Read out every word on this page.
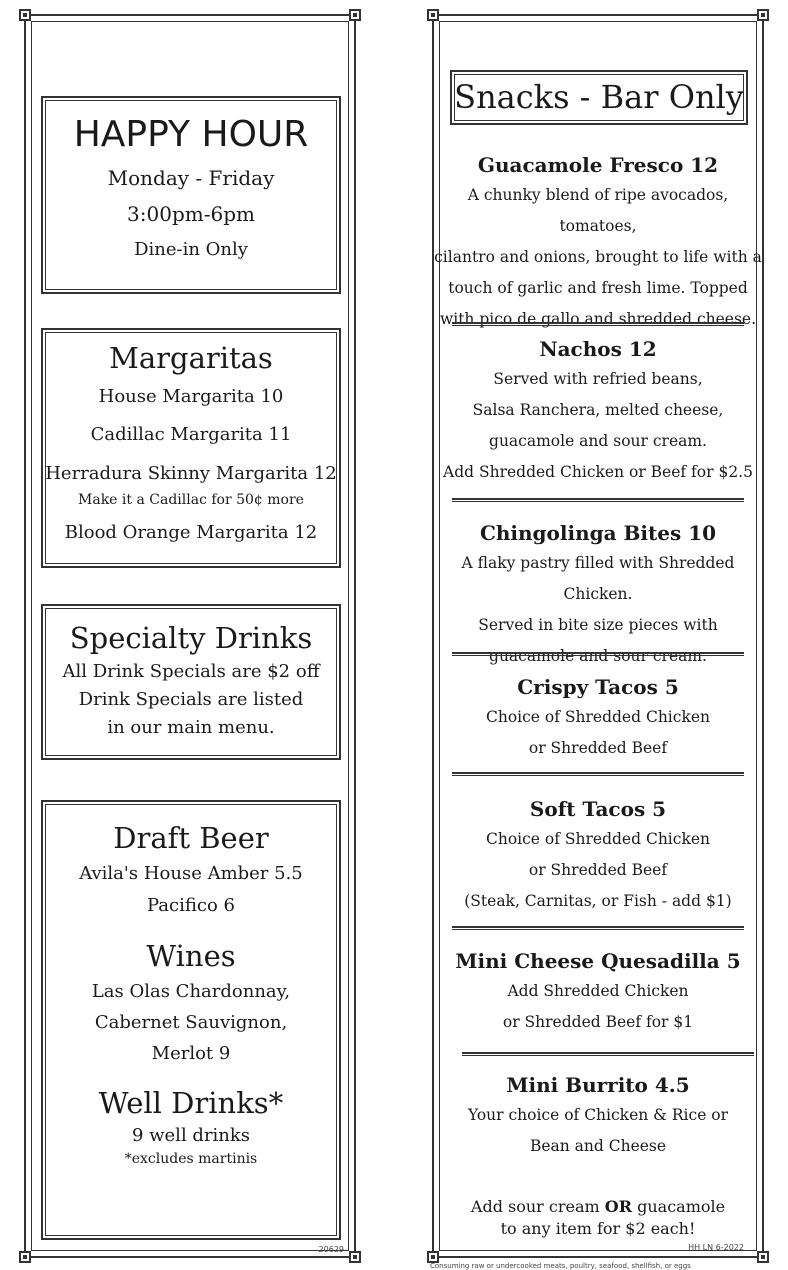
HAPPY HOUR
Monday - Friday
3:00pm-6pm
Dine-in Only
Margaritas
House Margarita 10
Cadillac Margarita 11
Herradura Skinny Margarita 12
Make it a Cadillac for 50¢ more
Blood Orange Margarita 12
Specialty Drinks
All Drink Specials are $2 off
Drink Specials are listed
in our main menu.
Draft Beer
Avila's House Amber 5.5
Pacifico 6
Wines
Las Olas Chardonnay,
Cabernet Sauvignon,
Merlot 9
Well Drinks*
9 well drinks
*excludes martinis
20629
Snacks - Bar Only
Guacamole Fresco 12
A chunky blend of ripe avocados, tomatoes,
cilantro and onions, brought to life with a
touch of garlic and fresh lime. Topped
with pico de gallo and shredded cheese.
Nachos 12
Served with refried beans,
Salsa Ranchera, melted cheese,
guacamole and sour cream.
Add Shredded Chicken or Beef for $2.5
Chingolinga Bites 10
A flaky pastry filled with Shredded Chicken.
Served in bite size pieces with
guacamole and sour cream.
Crispy Tacos 5
Choice of Shredded Chicken
or Shredded Beef
Soft Tacos 5
Choice of Shredded Chicken
or Shredded Beef
(Steak, Carnitas, or Fish - add $1)
Mini Cheese Quesadilla 5
Add Shredded Chicken
or Shredded Beef for $1
Mini Burrito 4.5
Your choice of Chicken & Rice or
Bean and Cheese
Add sour cream OR guacamole
to any item for $2 each!
HH LN 6-2022
Consuming raw or undercooked meats, poultry, seafood, shellfish, or eggs
